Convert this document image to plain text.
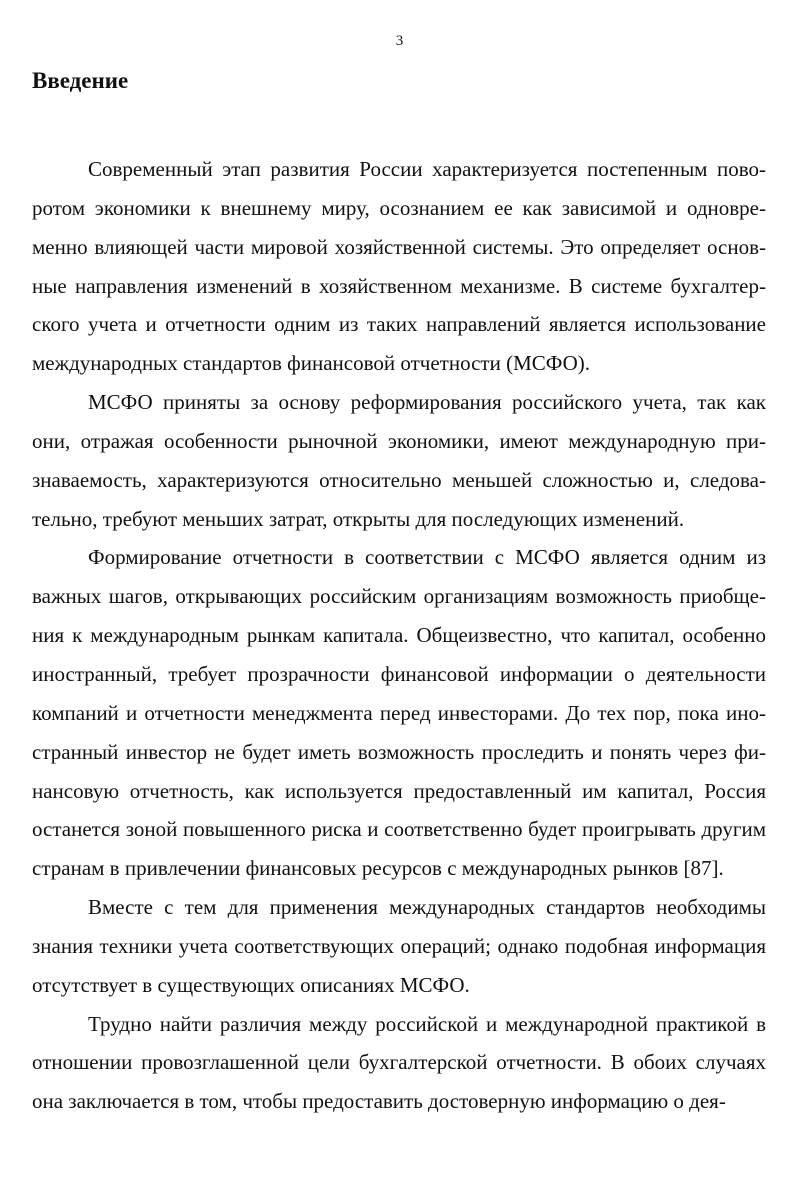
3
Введение

Современный этап развития России характеризуется постепенным поворотом экономики к внешнему миру, осознанием ее как зависимой и одновременно влияющей части мировой хозяйственной системы. Это определяет основные направления изменений в хозяйственном механизме. В системе бухгалтерского учета и отчетности одним из таких направлений является использование международных стандартов финансовой отчетности (МСФО).

МСФО приняты за основу реформирования российского учета, так как они, отражая особенности рыночной экономики, имеют международную признаваемость, характеризуются относительно меньшей сложностью и, следовательно, требуют меньших затрат, открыты для последующих изменений.

Формирование отчетности в соответствии с МСФО является одним из важных шагов, открывающих российским организациям возможность приобщения к международным рынкам капитала. Общеизвестно, что капитал, особенно иностранный, требует прозрачности финансовой информации о деятельности компаний и отчетности менеджмента перед инвесторами. До тех пор, пока иностранный инвестор не будет иметь возможность проследить и понять через финансовую отчетность, как используется предоставленный им капитал, Россия останется зоной повышенного риска и соответственно будет проигрывать другим странам в привлечении финансовых ресурсов с международных рынков [87].

Вместе с тем для применения международных стандартов необходимы знания техники учета соответствующих операций; однако подобная информация отсутствует в существующих описаниях МСФО.

Трудно найти различия между российской и международной практикой в отношении провозглашенной цели бухгалтерской отчетности. В обоих случаях она заключается в том, чтобы предоставить достоверную информацию о дея-
